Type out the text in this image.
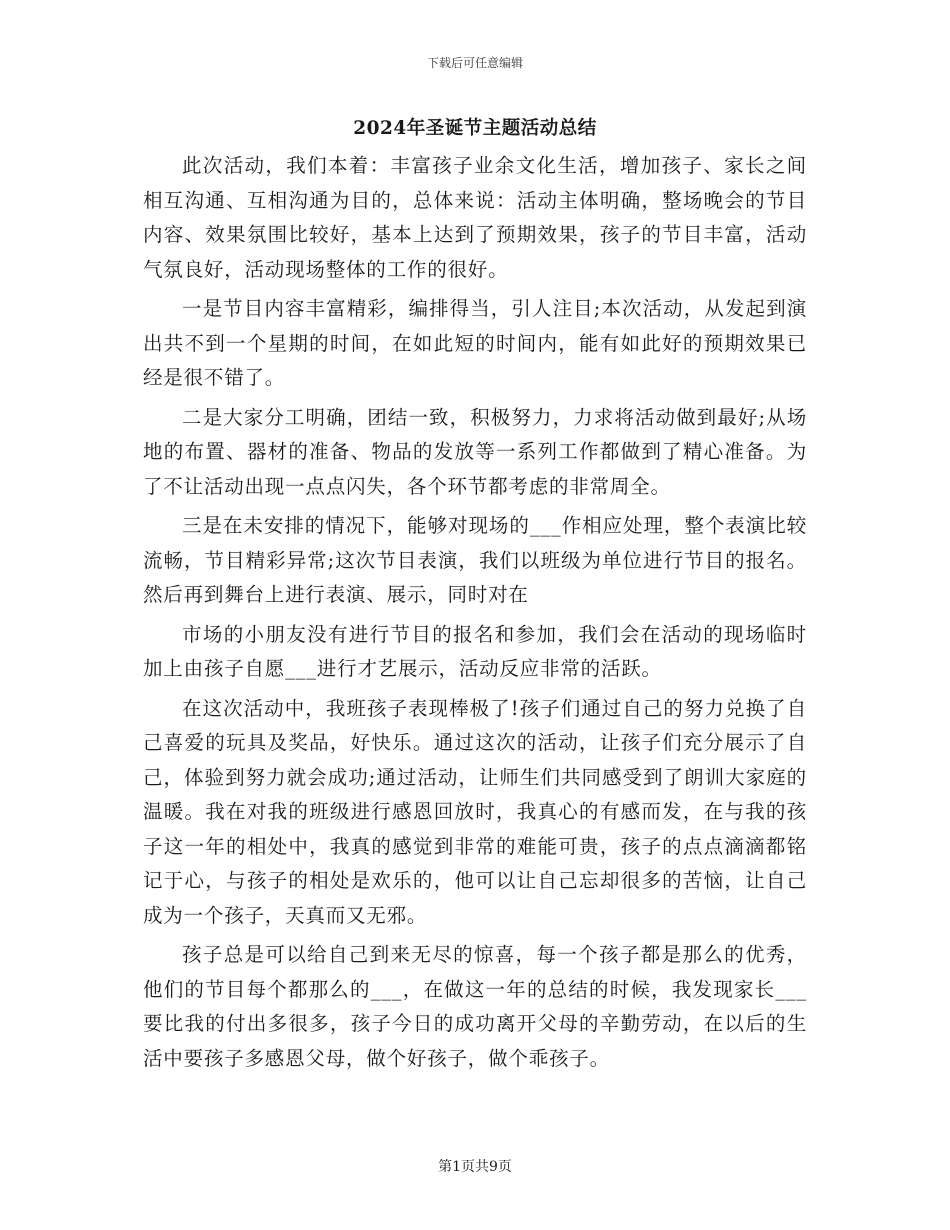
下载后可任意编辑
2024年圣诞节主题活动总结

此次活动，我们本着：丰富孩子业余文化生活，增加孩子、家长之间相互沟通、互相沟通为目的，总体来说：活动主体明确，整场晚会的节目内容、效果氛围比较好，基本上达到了预期效果，孩子的节目丰富，活动气氛良好，活动现场整体的工作的很好。

一是节目内容丰富精彩，编排得当，引人注目;本次活动，从发起到演出共不到一个星期的时间，在如此短的时间内，能有如此好的预期效果已经是很不错了。

二是大家分工明确，团结一致，积极努力，力求将活动做到最好;从场地的布置、器材的准备、物品的发放等一系列工作都做到了精心准备。为了不让活动出现一点点闪失，各个环节都考虑的非常周全。

三是在未安排的情况下，能够对现场的___作相应处理，整个表演比较流畅，节目精彩异常;这次节目表演，我们以班级为单位进行节目的报名。然后再到舞台上进行表演、展示，同时对在

市场的小朋友没有进行节目的报名和参加，我们会在活动的现场临时加上由孩子自愿___进行才艺展示，活动反应非常的活跃。

在这次活动中，我班孩子表现棒极了!孩子们通过自己的努力兑换了自己喜爱的玩具及奖品，好快乐。通过这次的活动，让孩子们充分展示了自己，体验到努力就会成功;通过活动，让师生们共同感受到了朗训大家庭的温暖。我在对我的班级进行感恩回放时，我真心的有感而发，在与我的孩子这一年的相处中，我真的感觉到非常的难能可贵，孩子的点点滴滴都铭记于心，与孩子的相处是欢乐的，他可以让自己忘却很多的苦恼，让自己成为一个孩子，天真而又无邪。

孩子总是可以给自己到来无尽的惊喜，每一个孩子都是那么的优秀，他们的节目每个都那么的___，在做这一年的总结的时候，我发现家长___要比我的付出多很多，孩子今日的成功离开父母的辛勤劳动，在以后的生活中要孩子多感恩父母，做个好孩子，做个乖孩子。

第1页共9页
